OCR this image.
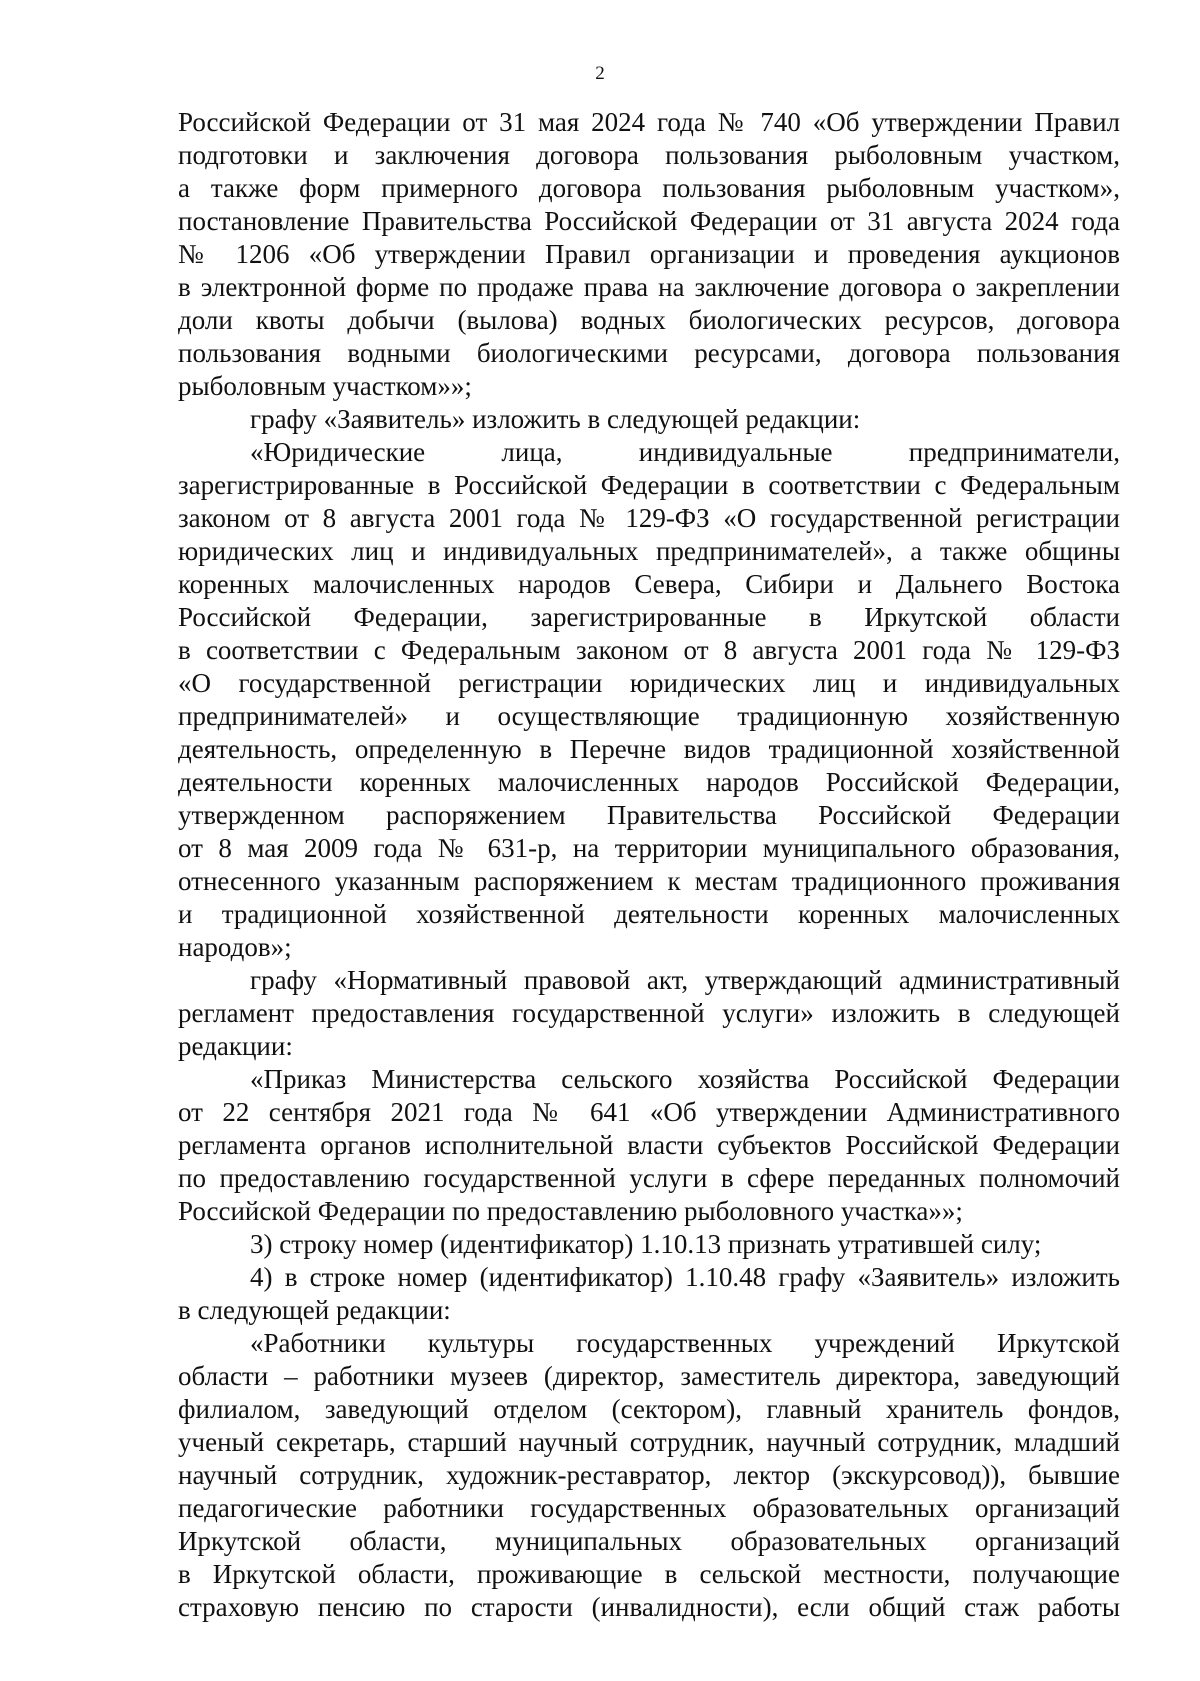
2
Российской Федерации от 31 мая 2024 года № 740 «Об утверждении Правил
подготовки и заключения договора пользования рыболовным участком,
а также форм примерного договора пользования рыболовным участком»,
постановление Правительства Российской Федерации от 31 августа 2024 года
№ 1206 «Об утверждении Правил организации и проведения аукционов
в электронной форме по продаже права на заключение договора о закреплении
доли квоты добычи (вылова) водных биологических ресурсов, договора
пользования водными биологическими ресурсами, договора пользования
рыболовным участком»»;
графу «Заявитель» изложить в следующей редакции:
«Юридические лица, индивидуальные предприниматели,
зарегистрированные в Российской Федерации в соответствии с Федеральным
законом от 8 августа 2001 года № 129-ФЗ «О государственной регистрации
юридических лиц и индивидуальных предпринимателей», а также общины
коренных малочисленных народов Севера, Сибири и Дальнего Востока
Российской Федерации, зарегистрированные в Иркутской области
в соответствии с Федеральным законом от 8 августа 2001 года № 129-ФЗ
«О государственной регистрации юридических лиц и индивидуальных
предпринимателей» и осуществляющие традиционную хозяйственную
деятельность, определенную в Перечне видов традиционной хозяйственной
деятельности коренных малочисленных народов Российской Федерации,
утвержденном распоряжением Правительства Российской Федерации
от 8 мая 2009 года № 631-р, на территории муниципального образования,
отнесенного указанным распоряжением к местам традиционного проживания
и традиционной хозяйственной деятельности коренных малочисленных
народов»;
графу «Нормативный правовой акт, утверждающий административный
регламент предоставления государственной услуги» изложить в следующей
редакции:
«Приказ Министерства сельского хозяйства Российской Федерации
от 22 сентября 2021 года № 641 «Об утверждении Административного
регламента органов исполнительной власти субъектов Российской Федерации
по предоставлению государственной услуги в сфере переданных полномочий
Российской Федерации по предоставлению рыболовного участка»»;
3) строку номер (идентификатор) 1.10.13 признать утратившей силу;
4) в строке номер (идентификатор) 1.10.48 графу «Заявитель» изложить
в следующей редакции:
«Работники культуры государственных учреждений Иркутской
области – работники музеев (директор, заместитель директора, заведующий
филиалом, заведующий отделом (сектором), главный хранитель фондов,
ученый секретарь, старший научный сотрудник, научный сотрудник, младший
научный сотрудник, художник-реставратор, лектор (экскурсовод)), бывшие
педагогические работники государственных образовательных организаций
Иркутской области, муниципальных образовательных организаций
в Иркутской области, проживающие в сельской местности, получающие
страховую пенсию по старости (инвалидности), если общий стаж работы
